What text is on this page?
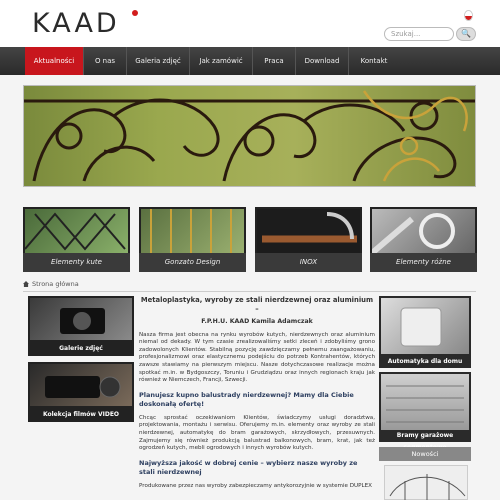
KAAD	Szukaj...	🔍
Aktualności	O nas	Galeria zdjęć	Jak zamówić	Praca	Download	Kontakt
Elementy kute	Gonzato Design	INOX	Elementy różne
Strona główna
Galerie zdjęć
Kolekcja filmów VIDEO
Metaloplastyka, wyroby ze stali nierdzewnej oraz aluminium –
F.P.H.U. KAAD Kamila Adamczak

Nasza firma jest obecna na rynku wyrobów kutych, nierdzewnych oraz aluminium niemal od dekady. W tym czasie zrealizowaliśmy setki zleceń i zdobyliśmy grono zadowolonych Klientów. Stabilną pozycję zawdzięczamy pełnemu zaangażowaniu, profesjonalizmowi oraz elastycznemu podejściu do potrzeb Kontrahentów, których zawsze stawiamy na pierwszym miejscu. Nasze dotychczasowe realizacje można spotkać m.in. w Bydgoszczy, Toruniu i Grudziądzu oraz innych regionach kraju jak również w Niemczech, Francji, Szwecji.

Planujesz kupno balustrady nierdzewnej? Mamy dla Ciebie doskonałą ofertę!

Chcąc sprostać oczekiwaniom Klientów, świadczymy usługi doradztwa, projektowania, montażu i serwisu. Oferujemy m.in. elementy oraz wyroby ze stali nierdzewnej, automatykę do bram garażowych, skrzydłowych, przesuwnych. Zajmujemy się również produkcją balustrad balkonowych, bram, krat, jak też ogrodzeń kutych, mebli ogrodowych i innych wyrobów kutych.

Najwyższa jakość w dobrej cenie – wybierz nasze wyroby ze stali nierdzewnej

Produkowane przez nas wyroby zabezpieczamy antykorozyjnie w systemie DUPLEX

Automatyka dla domu
Bramy garażowe
Nowości
